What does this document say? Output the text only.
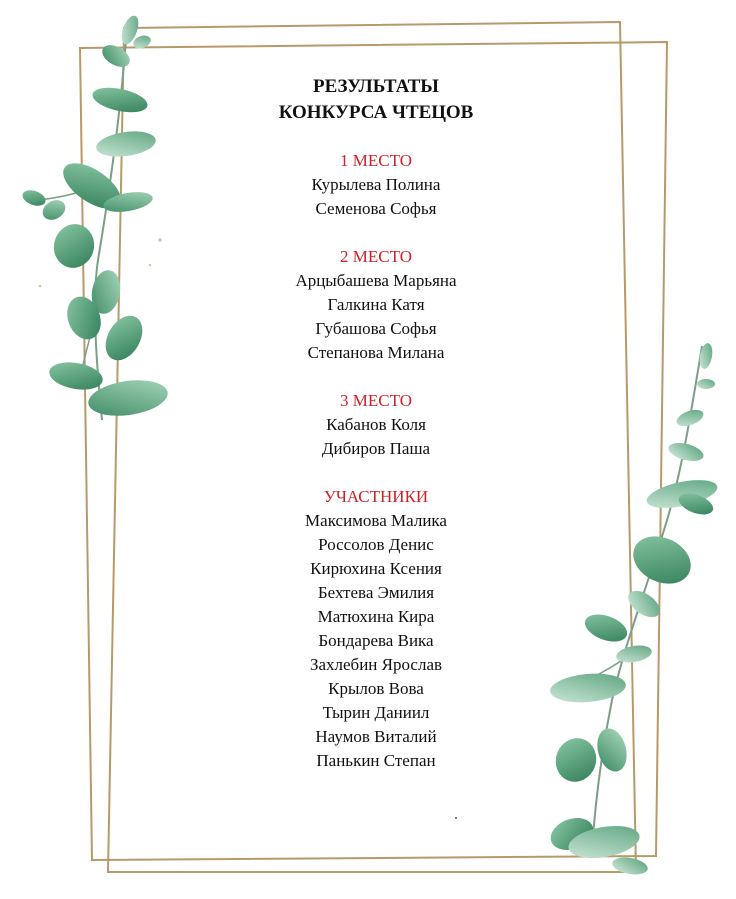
РЕЗУЛЬТАТЫ

КОНКУРСА ЧТЕЦОВ

1 МЕСТО

Курылева Полина

Семенова Софья

2 МЕСТО

Арцыбашева Марьяна

Галкина Катя

Губашова Софья

Степанова Милана

3 МЕСТО

Кабанов Коля

Дибиров Паша

УЧАСТНИКИ

Максимова Малика

Россолов Денис

Кирюхина Ксения

Бехтева Эмилия

Матюхина Кира

Бондарева Вика

Захлебин Ярослав

Крылов Вова

Тырин Даниил

Наумов Виталий

Панькин Степан
